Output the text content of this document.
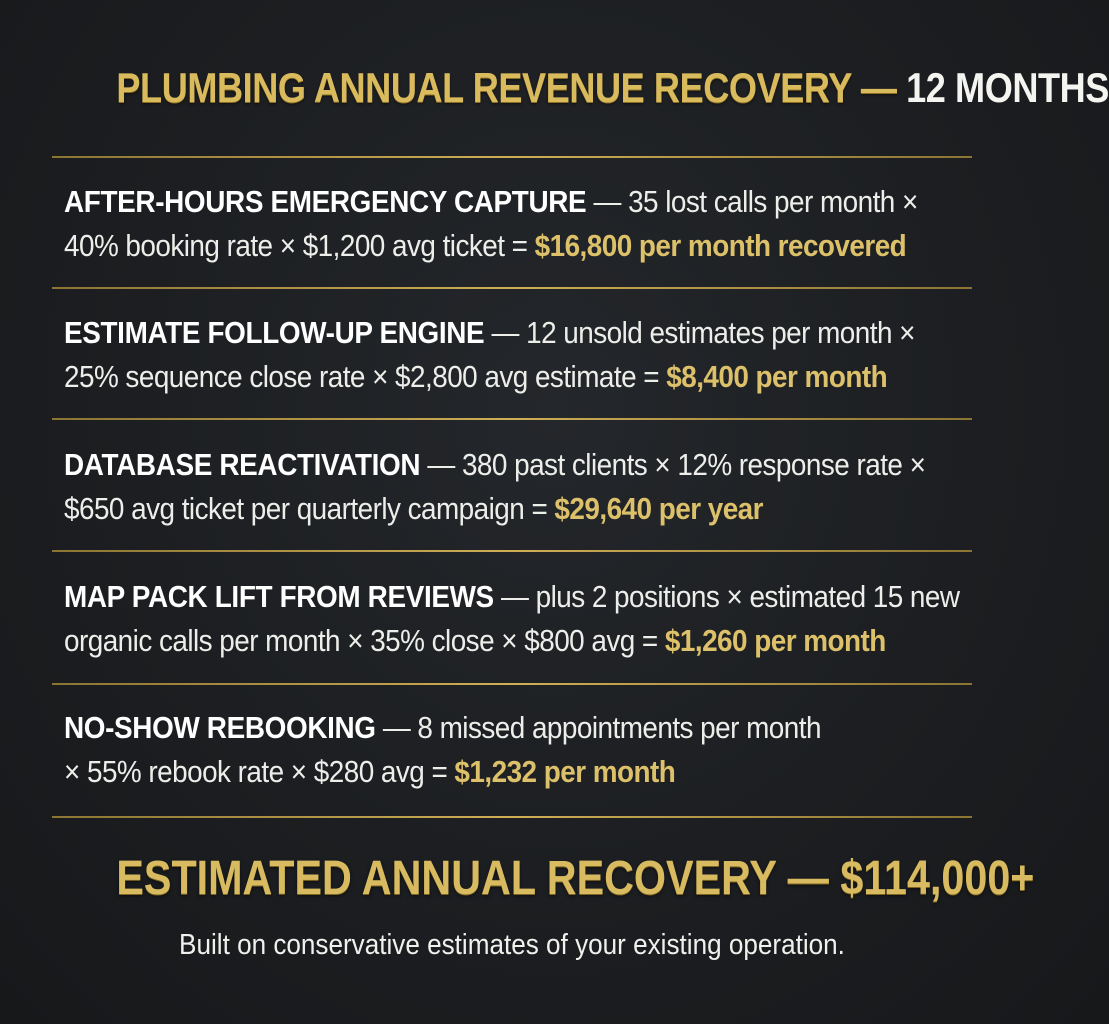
PLUMBING ANNUAL REVENUE RECOVERY — 12 MONTHS
AFTER-HOURS EMERGENCY CAPTURE — 35 lost calls per month ×
40% booking rate × $1,200 avg ticket = $16,800 per month recovered
ESTIMATE FOLLOW-UP ENGINE — 12 unsold estimates per month ×
25% sequence close rate × $2,800 avg estimate = $8,400 per month
DATABASE REACTIVATION — 380 past clients × 12% response rate ×
$650 avg ticket per quarterly campaign = $29,640 per year
MAP PACK LIFT FROM REVIEWS — plus 2 positions × estimated 15 new
organic calls per month × 35% close × $800 avg = $1,260 per month
NO-SHOW REBOOKING — 8 missed appointments per month
× 55% rebook rate × $280 avg = $1,232 per month
ESTIMATED ANNUAL RECOVERY — $114,000+
Built on conservative estimates of your existing operation.
